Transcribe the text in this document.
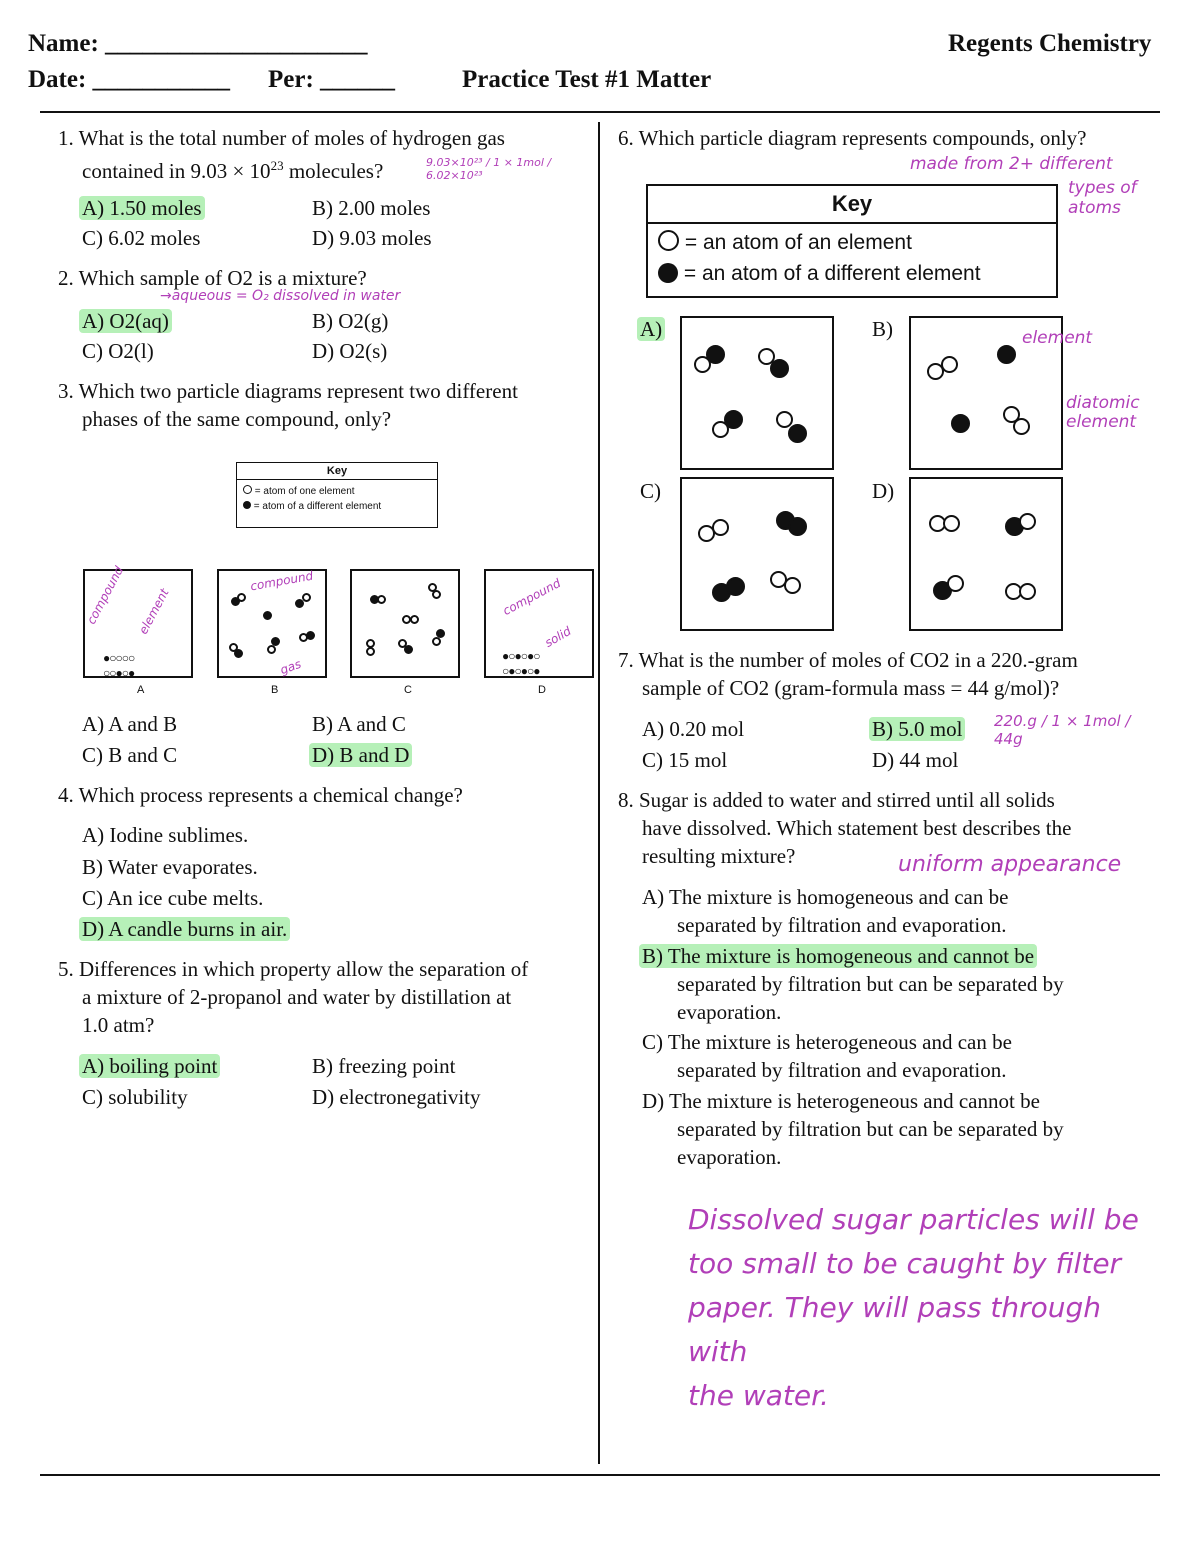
Name: _____________________	Regents Chemistry
Date: ___________ Per: ______	Practice Test #1 Matter
1. What is the total number of moles of hydrogen gas
contained in $9.03 \times 10^{23}$ molecules?	9.03×10²³ / 1 × 1mol / 6.02×10²³
A) 1.50 moles	B) 2.00 moles
C) 6.02 moles	D) 9.03 moles
2. Which sample of O2 is a mixture?
→aqueous = O₂ dissolved in water
A) O2(aq)	B) O2(g)
C) O2(l)	D) O2(s)
3. Which two particle diagrams represent two different
phases of the same compound, only?
Key
= atom of one element
= atom of a different element
●○○○○
○○●○●
●○●○●○
○●○●○●
A	B	C	D
compound element
compound
gas
compound
solid
A) A and B	B) A and C
C) B and C	D) B and D
4. Which process represents a chemical change?
A) Iodine sublimes.
B) Water evaporates.
C) An ice cube melts.
D) A candle burns in air.
5. Differences in which property allow the separation of
a mixture of 2-propanol and water by distillation at
1.0 atm?
A) boiling point	B) freezing point
C) solubility	D) electronegativity
6. Which particle diagram represents compounds, only?
made from 2+ different
types of atoms
Key
= an atom of an element
= an atom of a different element
A)	B)
C)	D)
element
diatomic element
7. What is the number of moles of CO2 in a 220.-gram
sample of CO2 (gram-formula mass = 44 g/mol)?
A) 0.20 mol	B) 5.0 mol
C) 15 mol	D) 44 mol
220.g / 1 × 1mol / 44g
8. Sugar is added to water and stirred until all solids
have dissolved. Which statement best describes the
resulting mixture?	uniform appearance
A) The mixture is homogeneous and can be
separated by filtration and evaporation.
B) The mixture is homogeneous and cannot be
separated by filtration but can be separated by
evaporation.
C) The mixture is heterogeneous and can be
separated by filtration and evaporation.
D) The mixture is heterogeneous and cannot be
separated by filtration but can be separated by
evaporation.
Dissolved sugar particles will be
too small to be caught by filter
paper. They will pass through with
the water.
